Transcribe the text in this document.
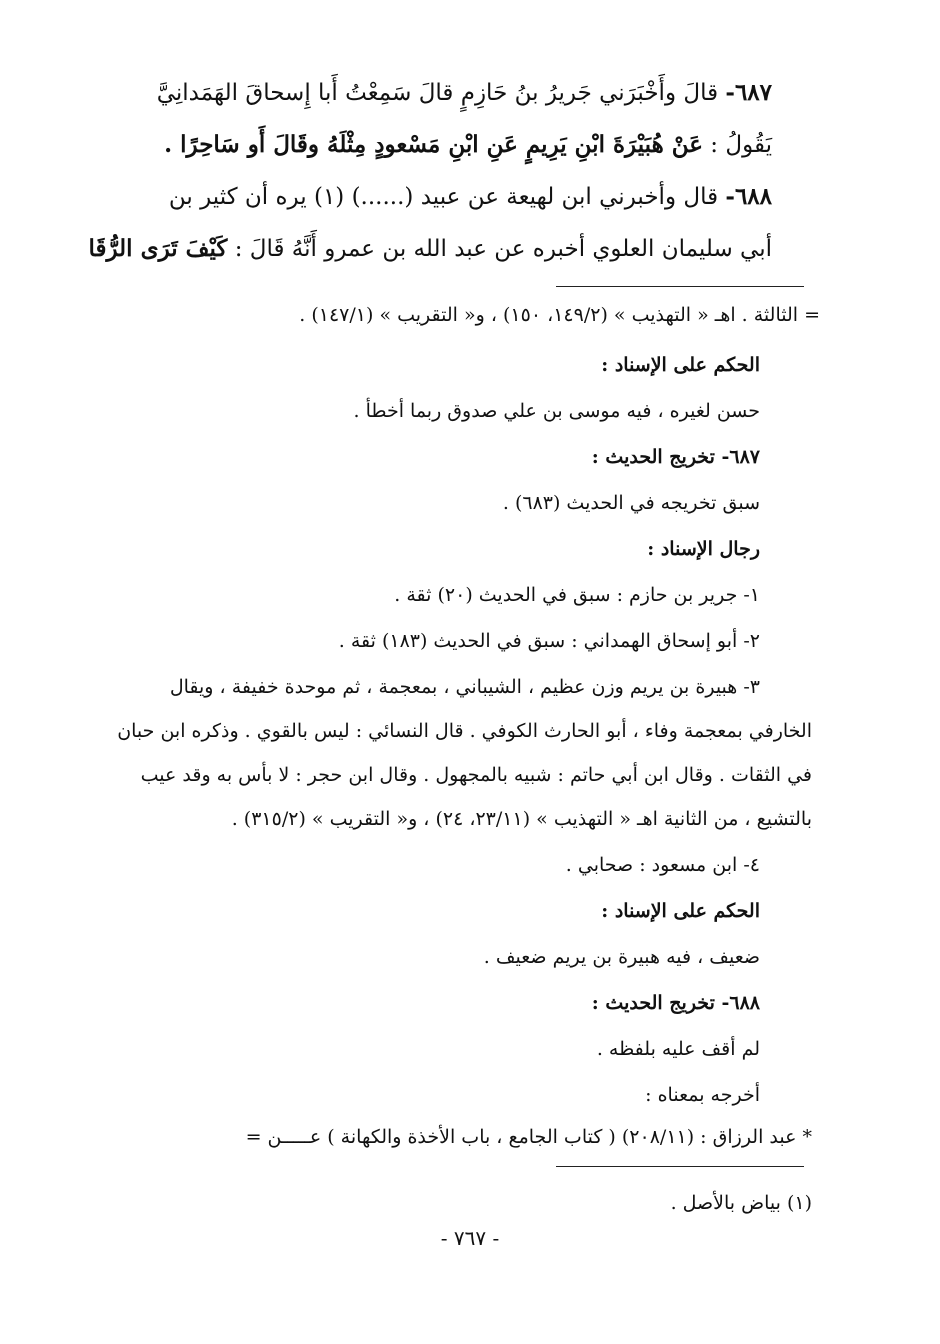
٦٨٧- قالَ وأَخْبَرَني جَريرُ بنُ حَازِمٍ قالَ سَمِعْتُ أَبا إِسحاقَ الهَمَدانِيَّ
يَقُولُ : عَنْ هُبَيْرَةَ ابْنِ يَرِيمٍ عَنِ ابْنِ مَسْعودٍ مِثْلَهُ وقَالَ أَو سَاحِرًا .
٦٨٨- قال وأخبرني ابن لهيعة عن عبيد (......) (١) يره أن كثير بن
أبي سليمان العلوي أخبره عن عبد الله بن عمرو أَنَّهُ قَالَ : كَيْفَ تَرَى الرُّقَا
= الثالثة . اهـ « التهذيب » (١٤٩/٢، ١٥٠) ، و« التقريب » (١٤٧/١) .
الحكم على الإسناد :
حسن لغيره ، فيه موسى بن علي صدوق ربما أخطأ .
٦٨٧- تخريج الحديث :
سبق تخريجه في الحديث (٦٨٣) .
رجال الإسناد :
١- جرير بن حازم : سبق في الحديث (٢٠) ثقة .
٢- أبو إسحاق الهمداني : سبق في الحديث (١٨٣) ثقة .
٣- هبيرة بن يريم وزن عظيم ، الشيباني ، بمعجمة ، ثم موحدة خفيفة ، ويقال
الخارفي بمعجمة وفاء ، أبو الحارث الكوفي . قال النسائي : ليس بالقوي . وذكره ابن حبان
في الثقات . وقال ابن أبي حاتم : شبيه بالمجهول . وقال ابن حجر : لا بأس به وقد عيب
بالتشيع ، من الثانية اهـ « التهذيب » (٢٣/١١، ٢٤) ، و« التقريب » (٣١٥/٢) .
٤- ابن مسعود : صحابي .
الحكم على الإسناد :
ضعيف ، فيه هبيرة بن يريم ضعيف .
٦٨٨- تخريج الحديث :
لم أقف عليه بلفظه .
أخرجه بمعناه :
* عبد الرزاق : (٢٠٨/١١) ( كتاب الجامع ، باب الأخذة والكهانة ) عـــــن =
(١) بياض بالأصل .
- ٧٦٧ -
